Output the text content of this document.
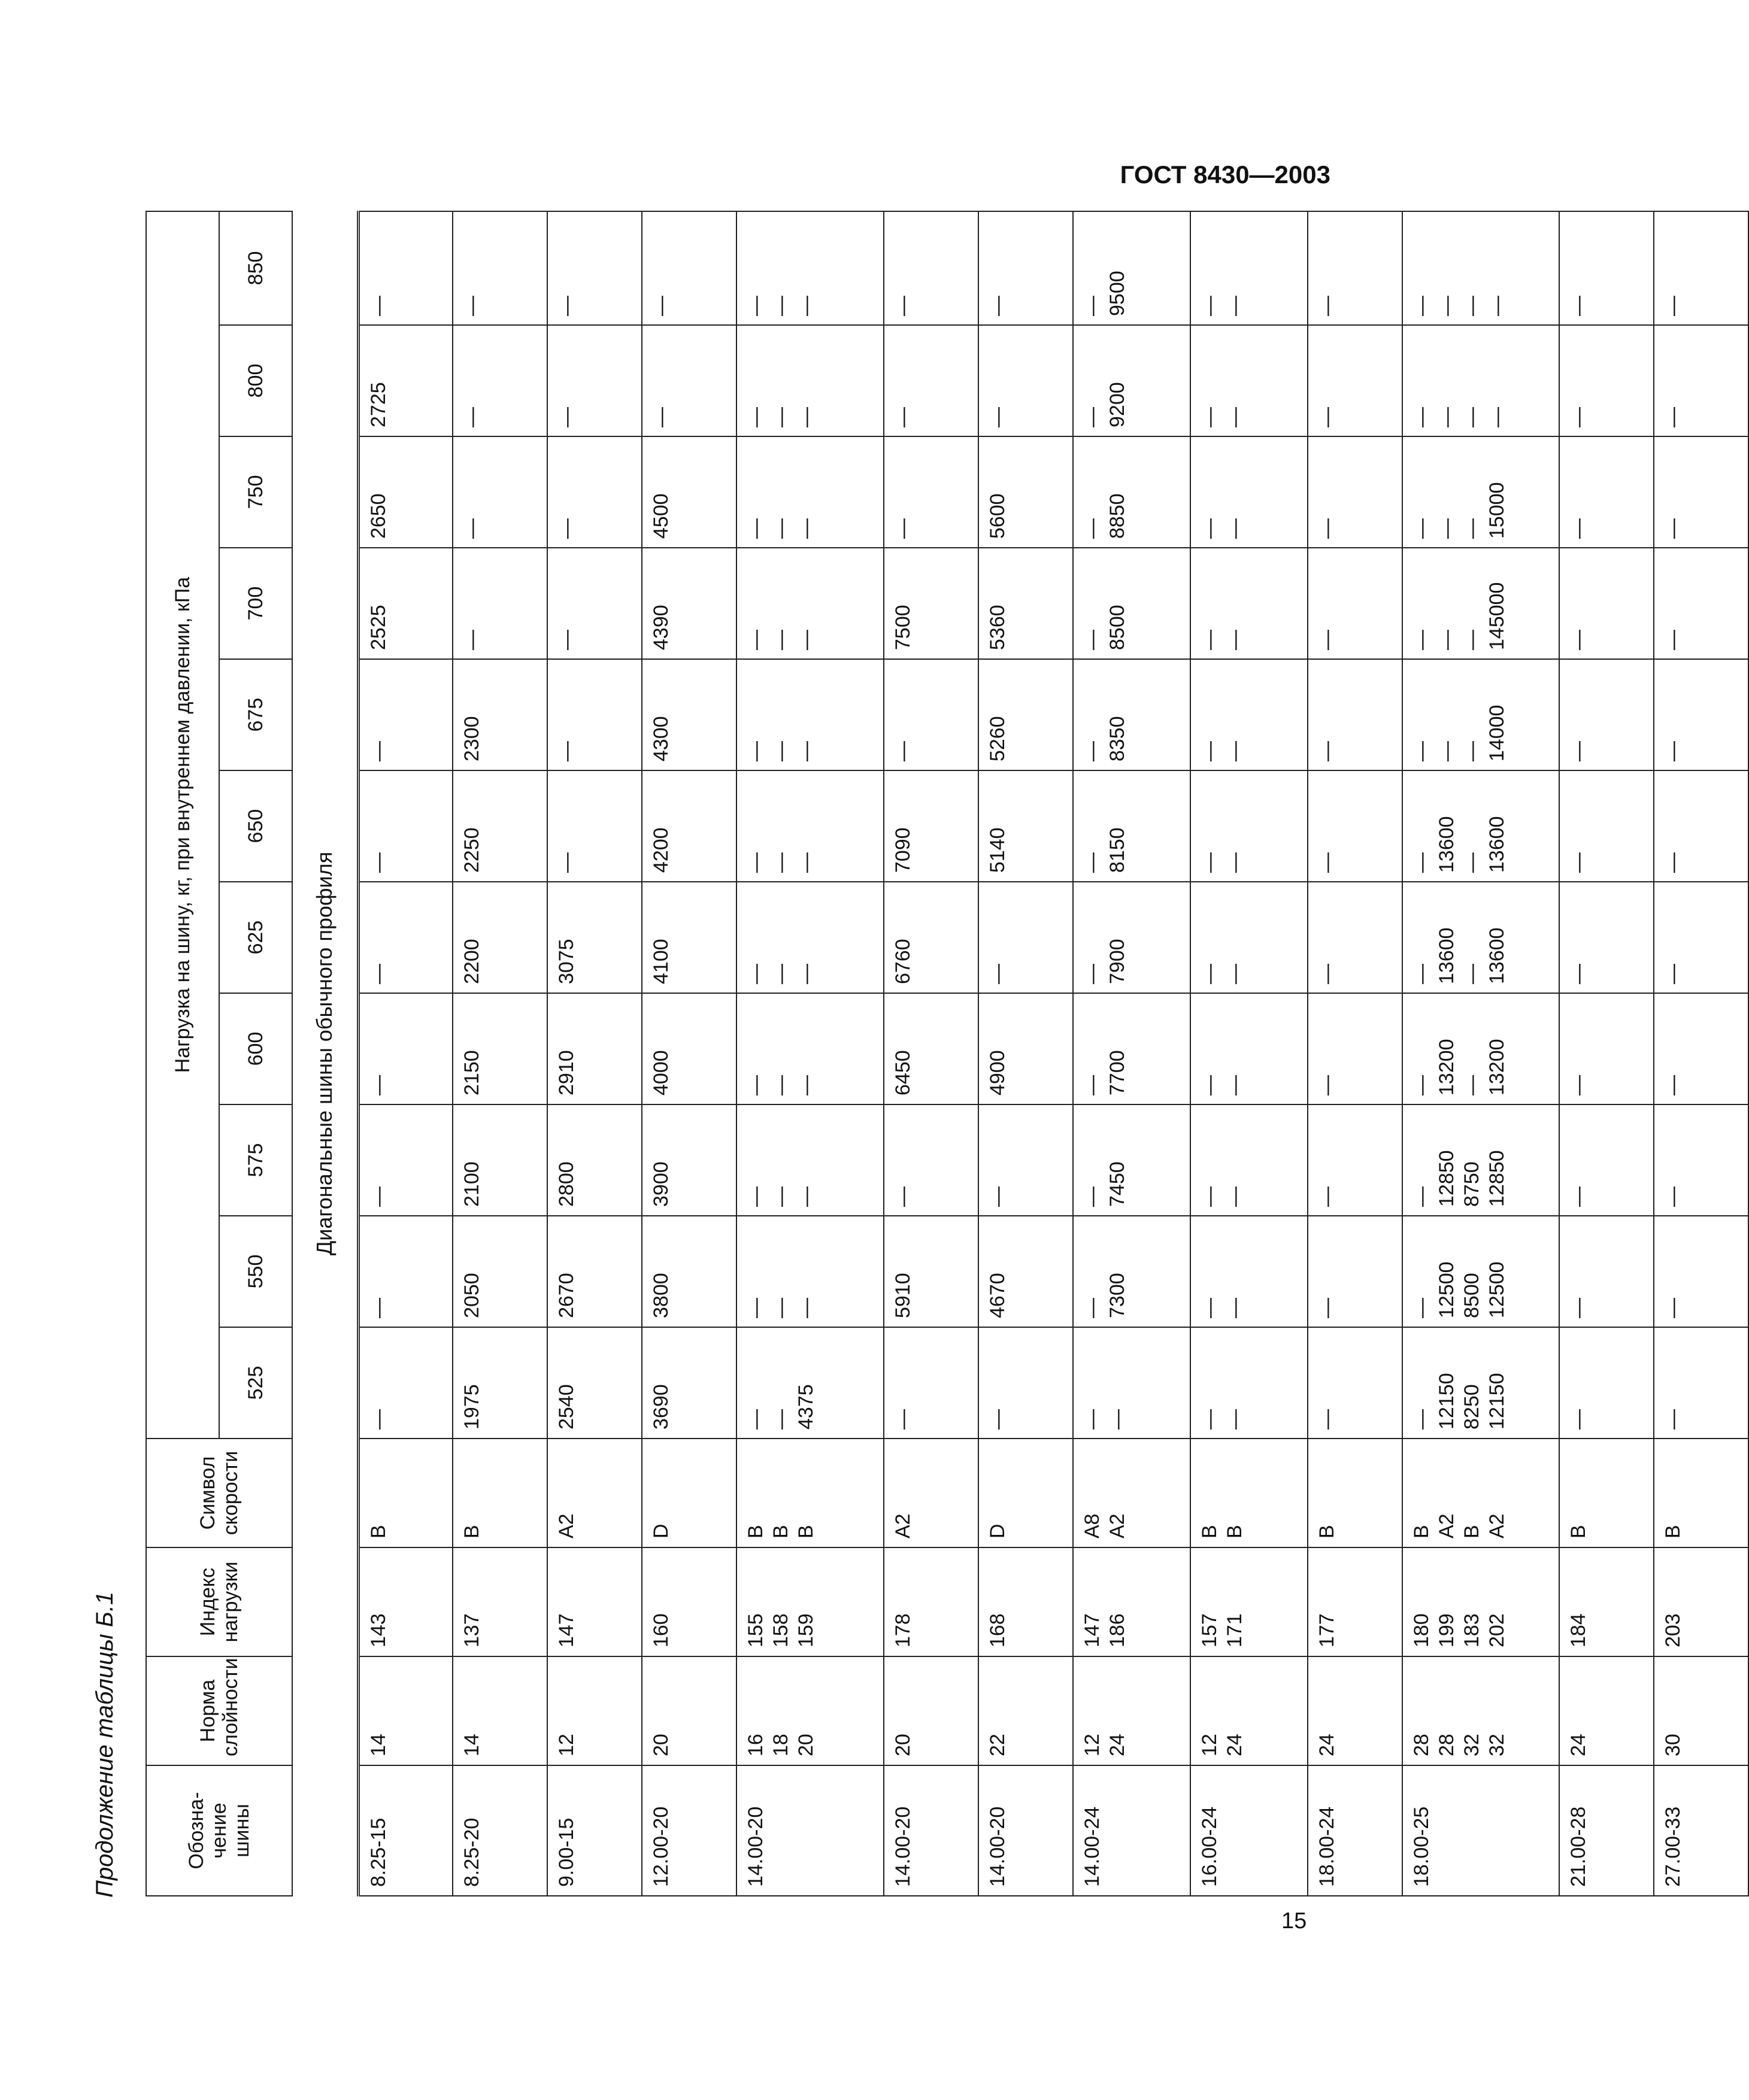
ГОСТ 8430—2003
Продолжение таблицы Б.1	Обозна-
чение
шины	Норма
слойности	Индекс
нагрузки	Символ
скорости	Нагрузка на шину, кг, при внутреннем давлении, кПа										
				525	550	575	600	625	650	675	700	750	800	850
Диагональные шины обычного профиля														
8.25-15	14	143	B	—	—	—	—	—	—	—	2525	2650	2725	—

8.25-20	14	137	B	1975	2050	2100	2150	2200	2250	2300	—	—	—	—

9.00-15	12	147	A2	2540	2670	2800	2910	3075	—	—	—	—	—	—

12.00-20	20	160	D	3690	3800	3900	4000	4100	4200	4300	4390	4500	—	—

14.00-20	16 18 20	155 158 159	B B B	— — 4375	— — —	— — —	— — —	— — —	— — —	— — —	— — —	— — —	— — —	— — —

14.00-20	20	178	A2	—	5910	—	6450	6760	7090	—	7500	—	—	—

14.00-20	22	168	D	—	4670	—	4900	—	5140	5260	5360	5600	—	—

14.00-24	12 24	147 186	A8 A2	— —	— 7300	— 7450	— 7700	— 7900	— 8150	— 8350	— 8500	— 8850	— 9200	— 9500

16.00-24	12 24	157 171	B B	— —	— —	— —	— —	— —	— —	— —	— —	— —	— —	— —

18.00-24	24	177	B	—	—	—	—	—	—	—	—	—	—	—

18.00-25	28 28 32 32	180 199 183 202	B A2 B A2	— 12150 8250 12150	— 12500 8500 12500	— 12850 8750 12850	— 13200 — 13200	— 13600 — 13600	— 13600 — 13600	— — — 14000	— — — 145000	— — — 15000	— — — —	— — — —

21.00-28	24	184	B	—	—	—	—	—	—	—	—	—	—	—

27.00-33	30	203	B	—	—	—	—	—	—	—	—	—	—	—
15
